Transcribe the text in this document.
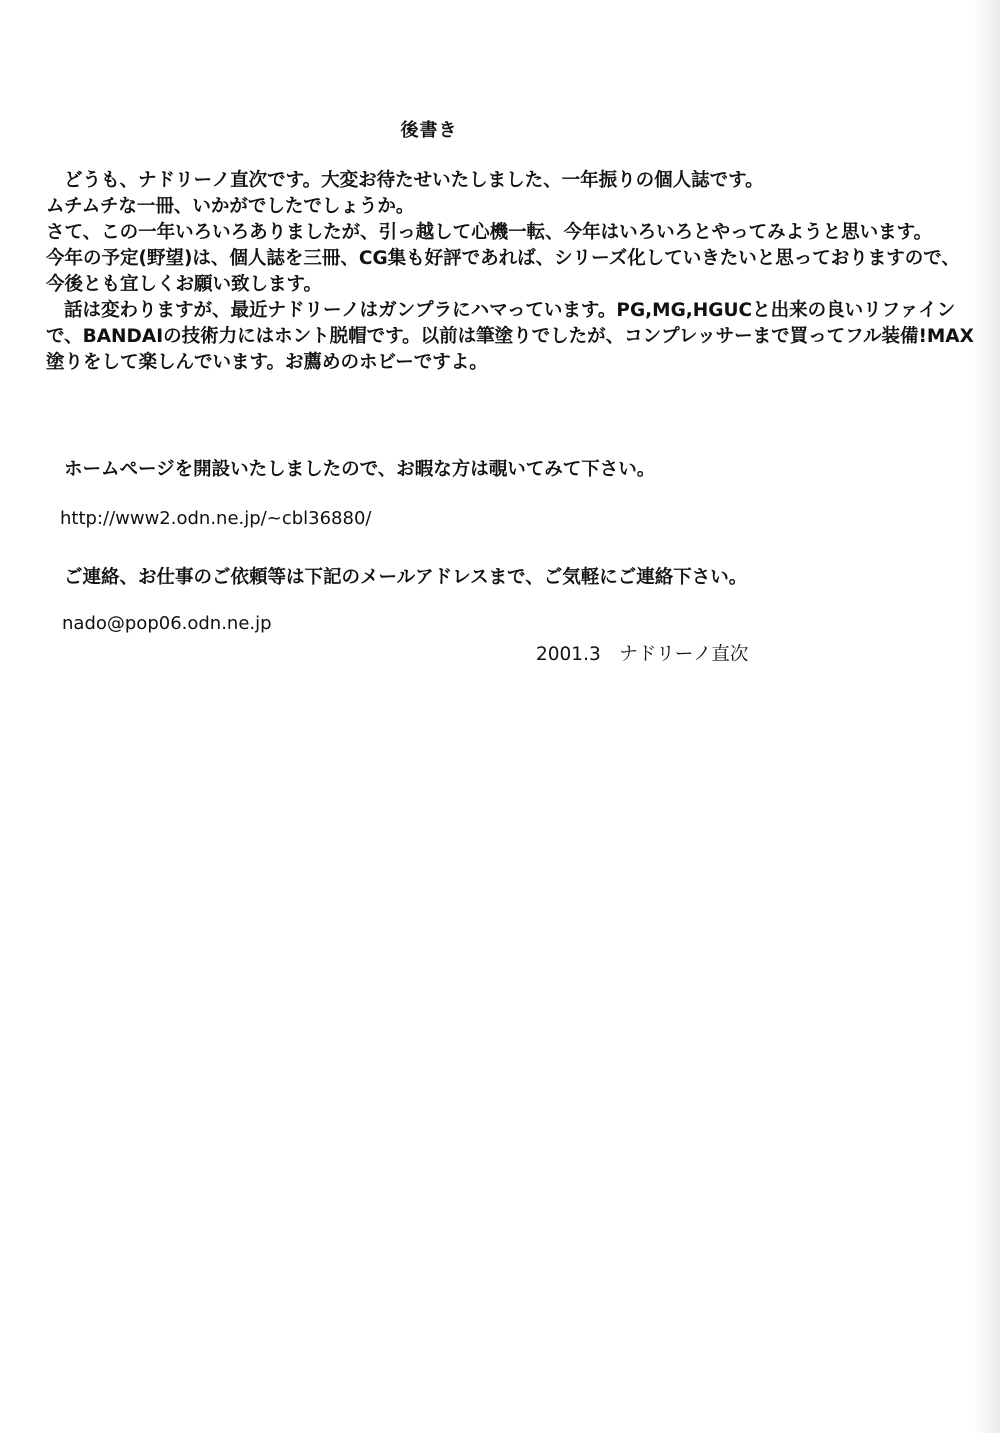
後書き

どうも、ナドリーノ直次です。大変お待たせいたしました、一年振りの個人誌です。

ムチムチな一冊、いかがでしたでしょうか。

さて、この一年いろいろありましたが、引っ越して心機一転、今年はいろいろとやってみようと思います。

今年の予定(野望)は、個人誌を三冊、CG集も好評であれば、シリーズ化していきたいと思っておりますので、

今後とも宜しくお願い致します。

話は変わりますが、最近ナドリーノはガンプラにハマっています。PG,MG,HGUCと出来の良いリファインで、BANDAIの技術力にはホント脱帽です。以前は筆塗りでしたが、コンプレッサーまで買ってフル装備!MAX塗りをして楽しんでいます。お薦めのホビーですよ。

ホームページを開設いたしましたので、お暇な方は覗いてみて下さい。
http://www2.odn.ne.jp/~cbl36880/
ご連絡、お仕事のご依頼等は下記のメールアドレスまで、ご気軽にご連絡下さい。
nado@pop06.odn.ne.jp
2001.3　ナドリーノ直次
